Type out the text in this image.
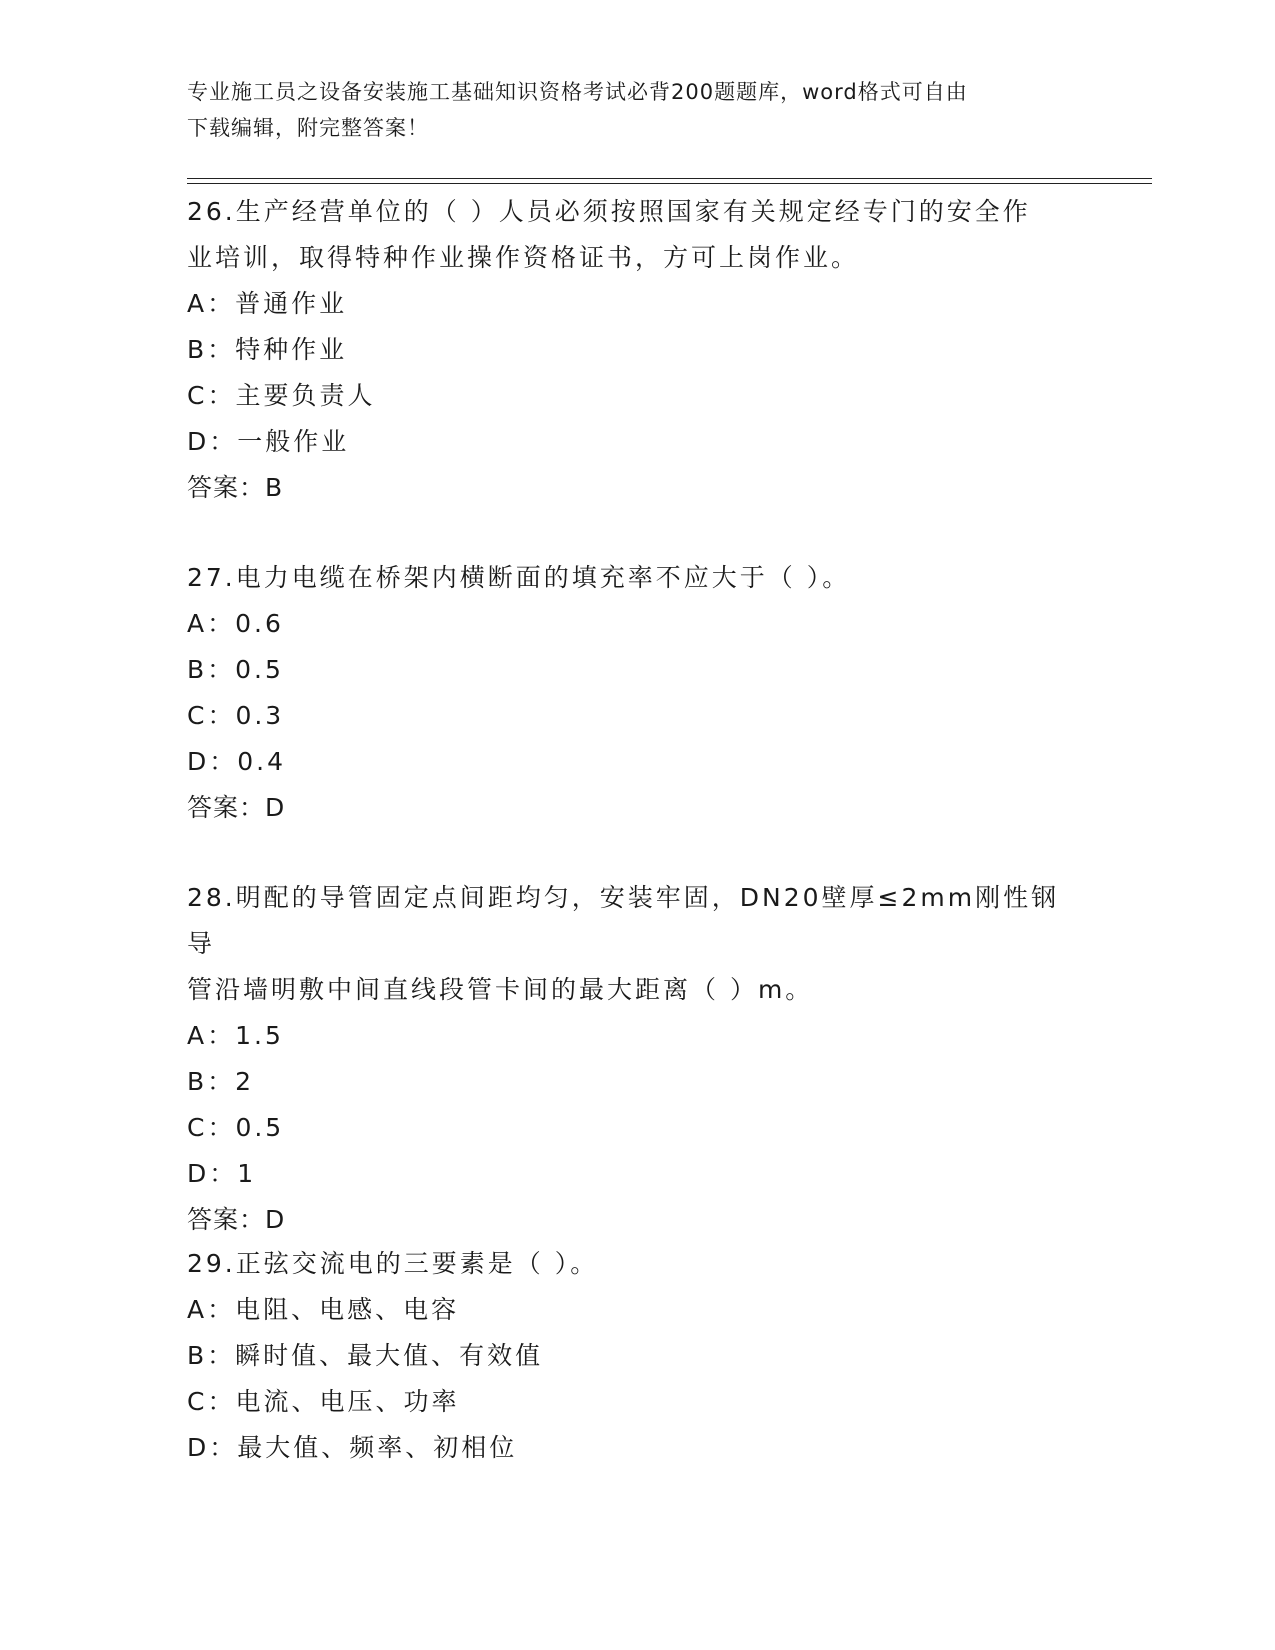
专业施工员之设备安装施工基础知识资格考试必背200题题库，word格式可自由
下载编辑，附完整答案！
26.生产经营单位的（ ）人员必须按照国家有关规定经专门的安全作
业培训，取得特种作业操作资格证书，方可上岗作业。
A：普通作业
B：特种作业
C：主要负责人
D：一般作业
答案：B
27.电力电缆在桥架内横断面的填充率不应大于（ ）。
A：0.6
B：0.5
C：0.3
D：0.4
答案：D
28.明配的导管固定点间距均匀，安装牢固，DN20壁厚≤2mm刚性钢导
管沿墙明敷中间直线段管卡间的最大距离（ ）m。
A：1.5
B：2
C：0.5
D：1
答案：D
29.正弦交流电的三要素是（ ）。
A：电阻、电感、电容
B：瞬时值、最大值、有效值
C：电流、电压、功率
D：最大值、频率、初相位
